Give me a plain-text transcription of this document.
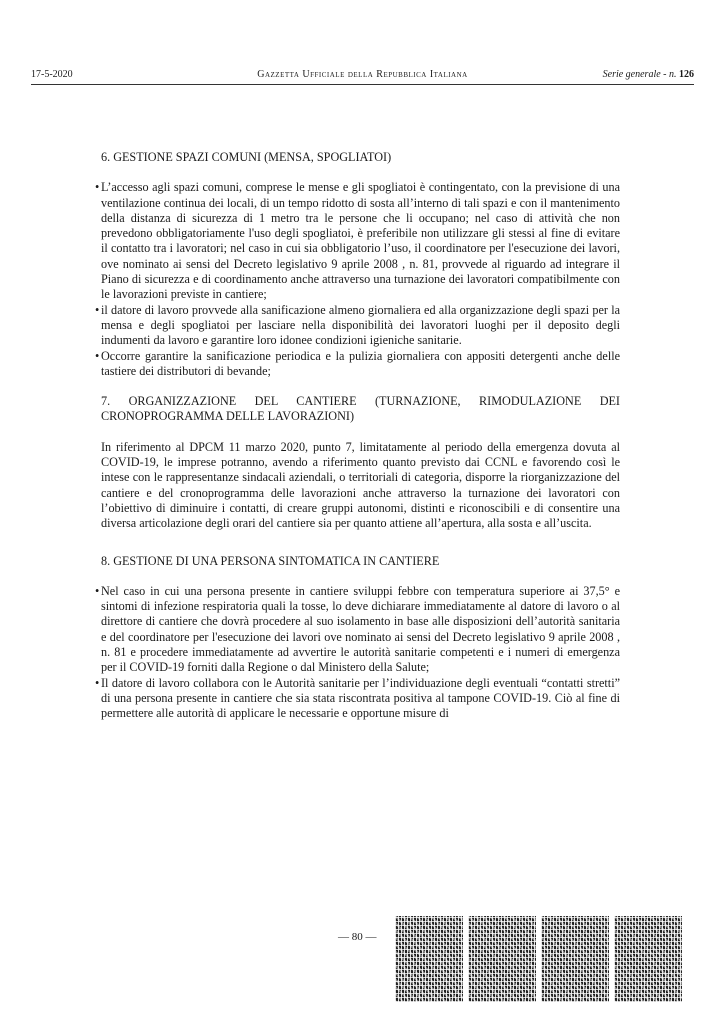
17-5-2020	Gazzetta Ufficiale della Repubblica Italiana	Serie generale - n. 126

6. GESTIONE SPAZI COMUNI (MENSA, SPOGLIATOI)

• L’accesso agli spazi comuni, comprese le mense e gli spogliatoi è contingentato, con la previsione di una ventilazione continua dei locali, di un tempo ridotto di sosta all’interno di tali spazi e con il mantenimento della distanza di sicurezza di 1 metro tra le persone che li occupano; nel caso di attività che non prevedono obbligatoriamente l'uso degli spogliatoi, è preferibile non utilizzare gli stessi al fine di evitare il contatto tra i lavoratori; nel caso in cui sia obbligatorio l’uso, il coordinatore per l'esecuzione dei lavori, ove nominato ai sensi del Decreto legislativo 9 aprile 2008 , n. 81, provvede al riguardo ad integrare il Piano di sicurezza e di coordinamento anche attraverso una turnazione dei lavoratori compatibilmente con le lavorazioni previste in cantiere;
• il datore di lavoro provvede alla sanificazione almeno giornaliera ed alla organizzazione degli spazi per la mensa e degli spogliatoi per lasciare nella disponibilità dei lavoratori luoghi per il deposito degli indumenti da lavoro e garantire loro idonee condizioni igieniche sanitarie.
• Occorre garantire la sanificazione periodica e la pulizia giornaliera con appositi detergenti anche delle tastiere dei distributori di bevande;

7. ORGANIZZAZIONE DEL CANTIERE (TURNAZIONE, RIMODULAZIONE DEI CRONOPROGRAMMA DELLE LAVORAZIONI)

In riferimento al DPCM 11 marzo 2020, punto 7, limitatamente al periodo della emergenza dovuta al COVID-19, le imprese potranno, avendo a riferimento quanto previsto dai CCNL e favorendo così le intese con le rappresentanze sindacali aziendali, o territoriali di categoria, disporre la riorganizzazione del cantiere e del cronoprogramma delle lavorazioni anche attraverso la turnazione dei lavoratori con l’obiettivo di diminuire i contatti, di creare gruppi autonomi, distinti e riconoscibili e di consentire una diversa articolazione degli orari del cantiere sia per quanto attiene all’apertura, alla sosta e all’uscita.

8. GESTIONE DI UNA PERSONA SINTOMATICA IN CANTIERE

• Nel caso in cui una persona presente in cantiere sviluppi febbre con temperatura superiore ai 37,5° e sintomi di infezione respiratoria quali la tosse, lo deve dichiarare immediatamente al datore di lavoro o al direttore di cantiere che dovrà procedere al suo isolamento in base alle disposizioni dell’autorità sanitaria e del coordinatore per l'esecuzione dei lavori ove nominato ai sensi del Decreto legislativo 9 aprile 2008 , n. 81 e procedere immediatamente ad avvertire le autorità sanitarie competenti e i numeri di emergenza per il COVID-19 forniti dalla Regione o dal Ministero della Salute;
• Il datore di lavoro collabora con le Autorità sanitarie per l’individuazione degli eventuali “contatti stretti” di una persona presente in cantiere che sia stata riscontrata positiva al tampone COVID-19. Ciò al fine di permettere alle autorità di applicare le necessarie e opportune misure di
— 80 —
